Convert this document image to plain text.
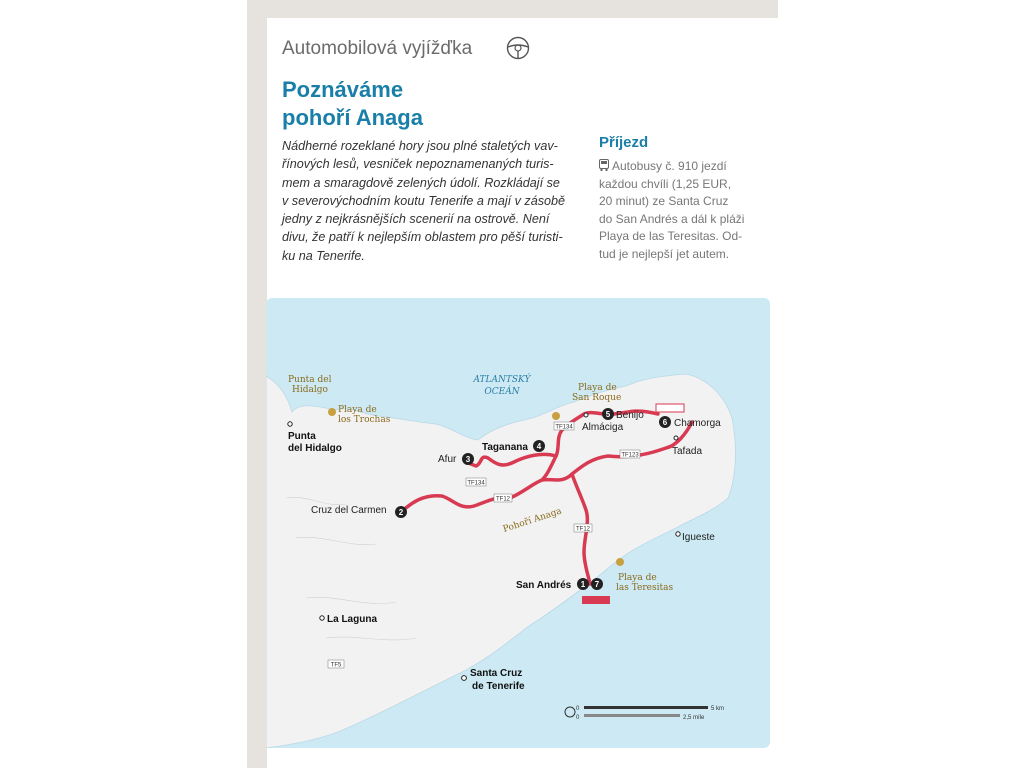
Automobilová vyjížďka
Poznáváme
pohoří Anaga

Nádherné rozeklané hory jsou plné staletých vav-
řínových lesů, vesniček nepoznamenaných turis-
mem a smaragdově zelených údolí. Rozkládají se
v severovýchodním koutu Tenerife a mají v zásobě
jedny z nejkrásnějších scenerií na ostrově. Není
divu, že patří k nejlepším oblastem pro pěší turisti-
ku na Tenerife.

Příjezd

Autobusy č. 910 jezdí
každou chvíli (1,25 EUR,
20 minut) ze Santa Cruz
do San Andrés a dál k pláži
Playa de las Teresitas. Od-
tud je nejlepší jet autem.

TF134
TF134
TF123
TF12
TF12
TF5
ATLANTSKÝ
OCEÁN
Punta del
Hidalgo
Playa de
los Trochas
Playa de
San Roque
Playa de
las Teresitas
Pohoří Anaga
Punta
del Hidalgo
La Laguna
Santa Cruz
de Tenerife
Igueste
Almáciga
Tafada
2
Cruz del Carmen
3
Afur
4
Taganana
5 Benijo
6 Chamorga
1 7
San Andrés
0	5 km
0	2,5 míle
